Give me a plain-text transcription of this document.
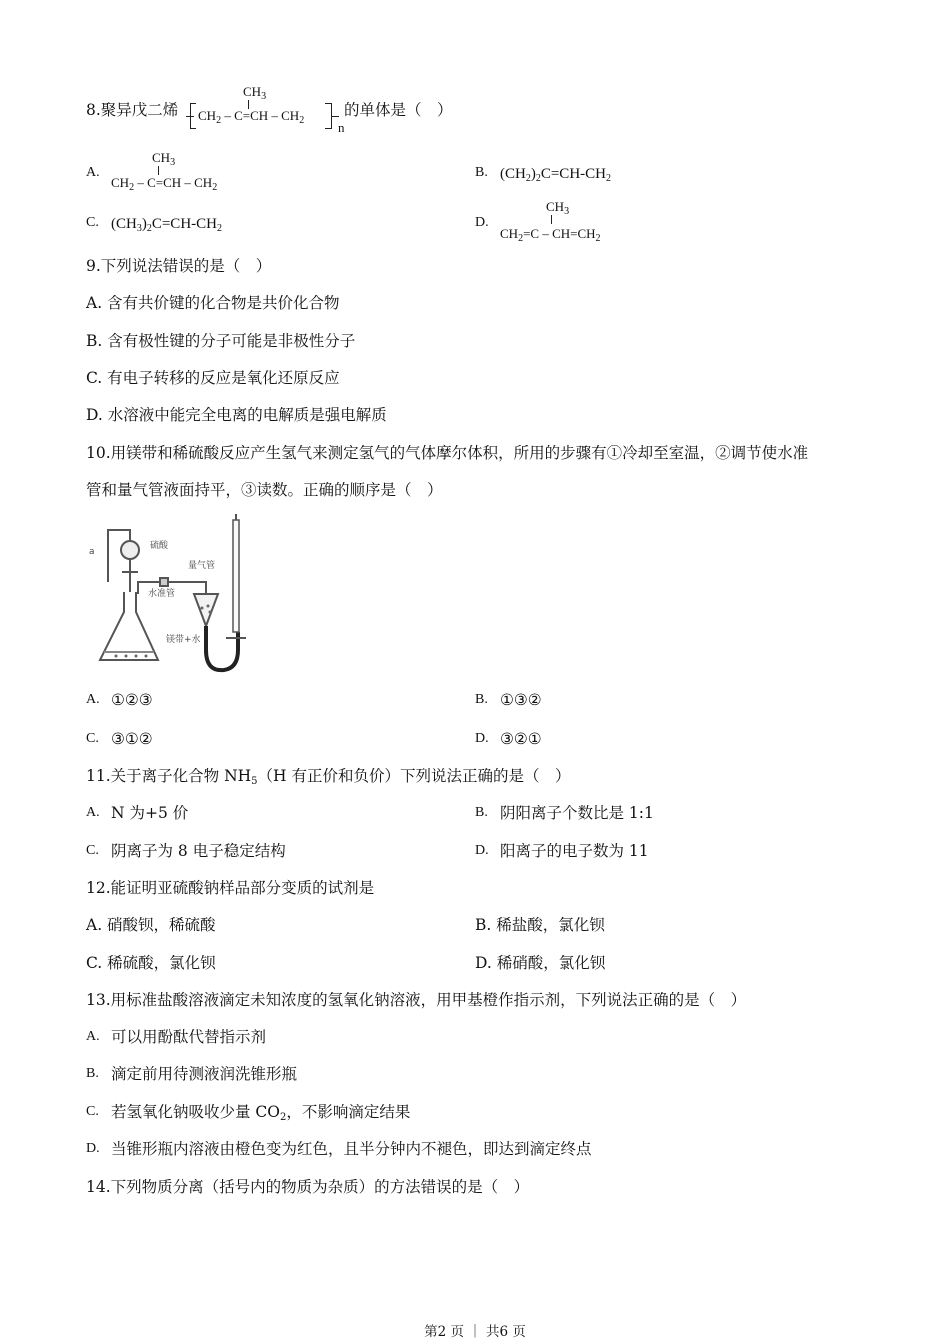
8.聚异戊二烯
$CH_3$
$CH_2 - C=CH - CH_2$	n
的单体是（　）
A.
$CH_3$
$CH_2 - C=CH - CH_2$
B. $(CH_2)_2C=CH-CH_2$
C. $(CH_3)_2C=CH-CH_2$	D.
$CH_3$
$CH_2=C - CH=CH_2$
9.下列说法错误的是（　）
A. 含有共价键的化合物是共价化合物
B. 含有极性键的分子可能是非极性分子
C. 有电子转移的反应是氧化还原反应
D. 水溶液中能完全电离的电解质是强电解质
10.用镁带和稀硫酸反应产生氢气来测定氢气的气体摩尔体积，所用的步骤有①冷却至室温，②调节使水准
管和量气管液面持平，③读数。正确的顺序是（　）
a
硫酸
量气管
水准管
镁带+水
A. ①②③	B. ①③②
C. ③①②	D. ③②①
11.关于离子化合物 $NH_5(H$ 有正价和负价）下列说法正确的是（　）
A. N 为+5 价	B. 阴阳离子个数比是 1:1
C. 阴离子为 8 电子稳定结构	D. 阳离子的电子数为 11
12.能证明亚硫酸钠样品部分变质的试剂是
A. 硝酸钡，稀硫酸	B. 稀盐酸，氯化钡
C. 稀硫酸，氯化钡	D. 稀硝酸，氯化钡
13.用标准盐酸溶液滴定未知浓度的氢氧化钠溶液，用甲基橙作指示剂，下列说法正确的是（　）
A. 可以用酚酞代替指示剂
B. 滴定前用待测液润洗锥形瓶
C. 若氢氧化钠吸收少量 $CO_2$，不影响滴定结果
D. 当锥形瓶内溶液由橙色变为红色，且半分钟内不褪色，即达到滴定终点
14.下列物质分离（括号内的物质为杂质）的方法错误的是（　）
第2 页 ｜ 共6 页
